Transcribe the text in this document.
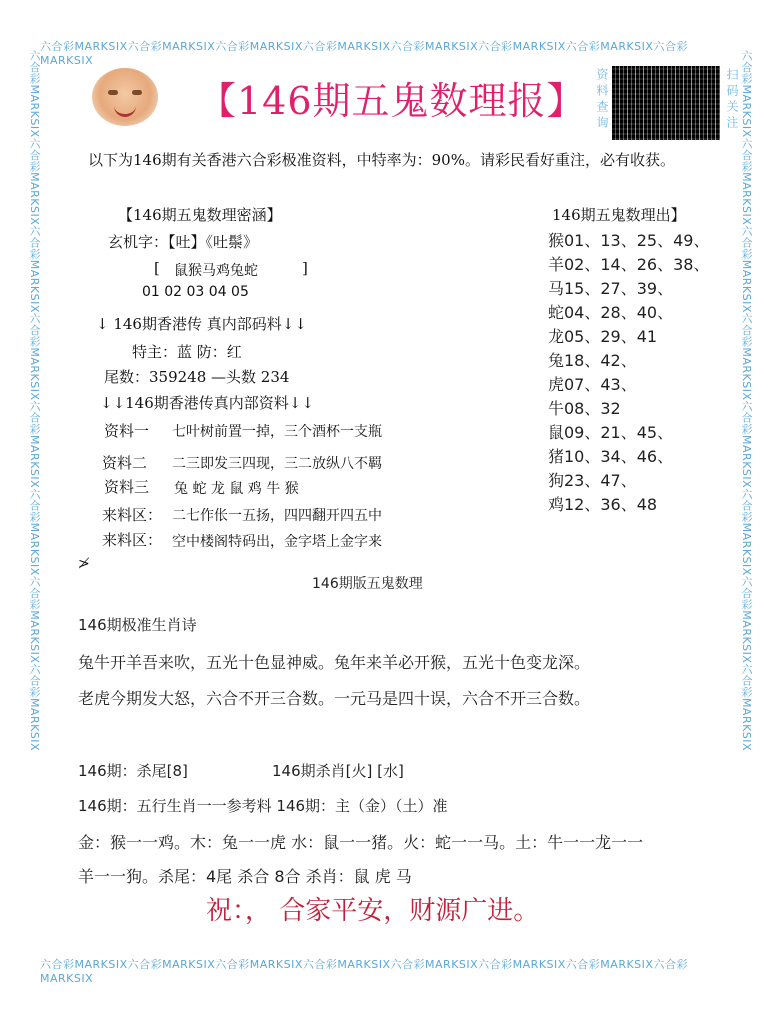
六合彩MARKSIX六合彩MARKSIX六合彩MARKSIX六合彩MARKSIX六合彩MARKSIX六合彩MARKSIX六合彩MARKSIX六合彩MARKSIX
六合彩MARKSIX六合彩MARKSIX六合彩MARKSIX六合彩MARKSIX六合彩MARKSIX六合彩MARKSIX六合彩MARKSIX六合彩MARKSIX
六合彩MARKSIX六合彩MARKSIX六合彩MARKSIX六合彩MARKSIX六合彩MARKSIX六合彩MARKSIX六合彩MARKSIX六合彩MARKSIX	六合彩MARKSIX六合彩MARKSIX六合彩MARKSIX六合彩MARKSIX六合彩MARKSIX六合彩MARKSIX六合彩MARKSIX六合彩MARKSIX
【146期五鬼数理报】 资料查询	扫码关注
以下为146期有关香港六合彩极准资料，中特率为：90%。请彩民看好重注，必有收获。
【146期五鬼数理密涵】
玄机字：【吐】《吐鬃》
[ 鼠猴马鸡兔蛇	]
01 02 03 04 05
↓ 146期香港传 真内部码料↓↓
特主：蓝 防：红
尾数：359248 —头数 234
↓↓146期香港传真内部资料↓↓
资料一 七叶树前置一掉，三个酒杯一支瓶
资料二 二三即发三四现，三二放纵八不羁
资料三 兔 蛇 龙 鼠 鸡 牛 猴
来料区： 二七作伥一五扬，四四翻开四五中
来料区： 空中楼阁特码出，金字塔上金字来
≯
146期五鬼数理出】
猴01、13、25、49、
羊02、14、26、38、
马15、27、39、
蛇04、28、40、
龙05、29、41
兔18、42、
虎07、43、
牛08、32
鼠09、21、45、
猪10、34、46、
狗23、47、
鸡12、36、48
146期版五鬼数理
146期极准生肖诗
兔牛开羊吾来吹，五光十色显神威。兔年来羊必开猴，五光十色变龙深。
老虎今期发大怒，六合不开三合数。一元马是四十误，六合不开三合数。
146期：杀尾[8]	146期杀肖[火] [水]
146期：五行生肖一一参考料 146期：主（金）（土）准
金：猴一一鸡。木：兔一一虎 水：鼠一一猪。火：蛇一一马。土：牛一一龙一一
羊一一狗。杀尾：4尾 杀合 8合 杀肖：鼠 虎 马
祝：， 合家平安，财源广进。
